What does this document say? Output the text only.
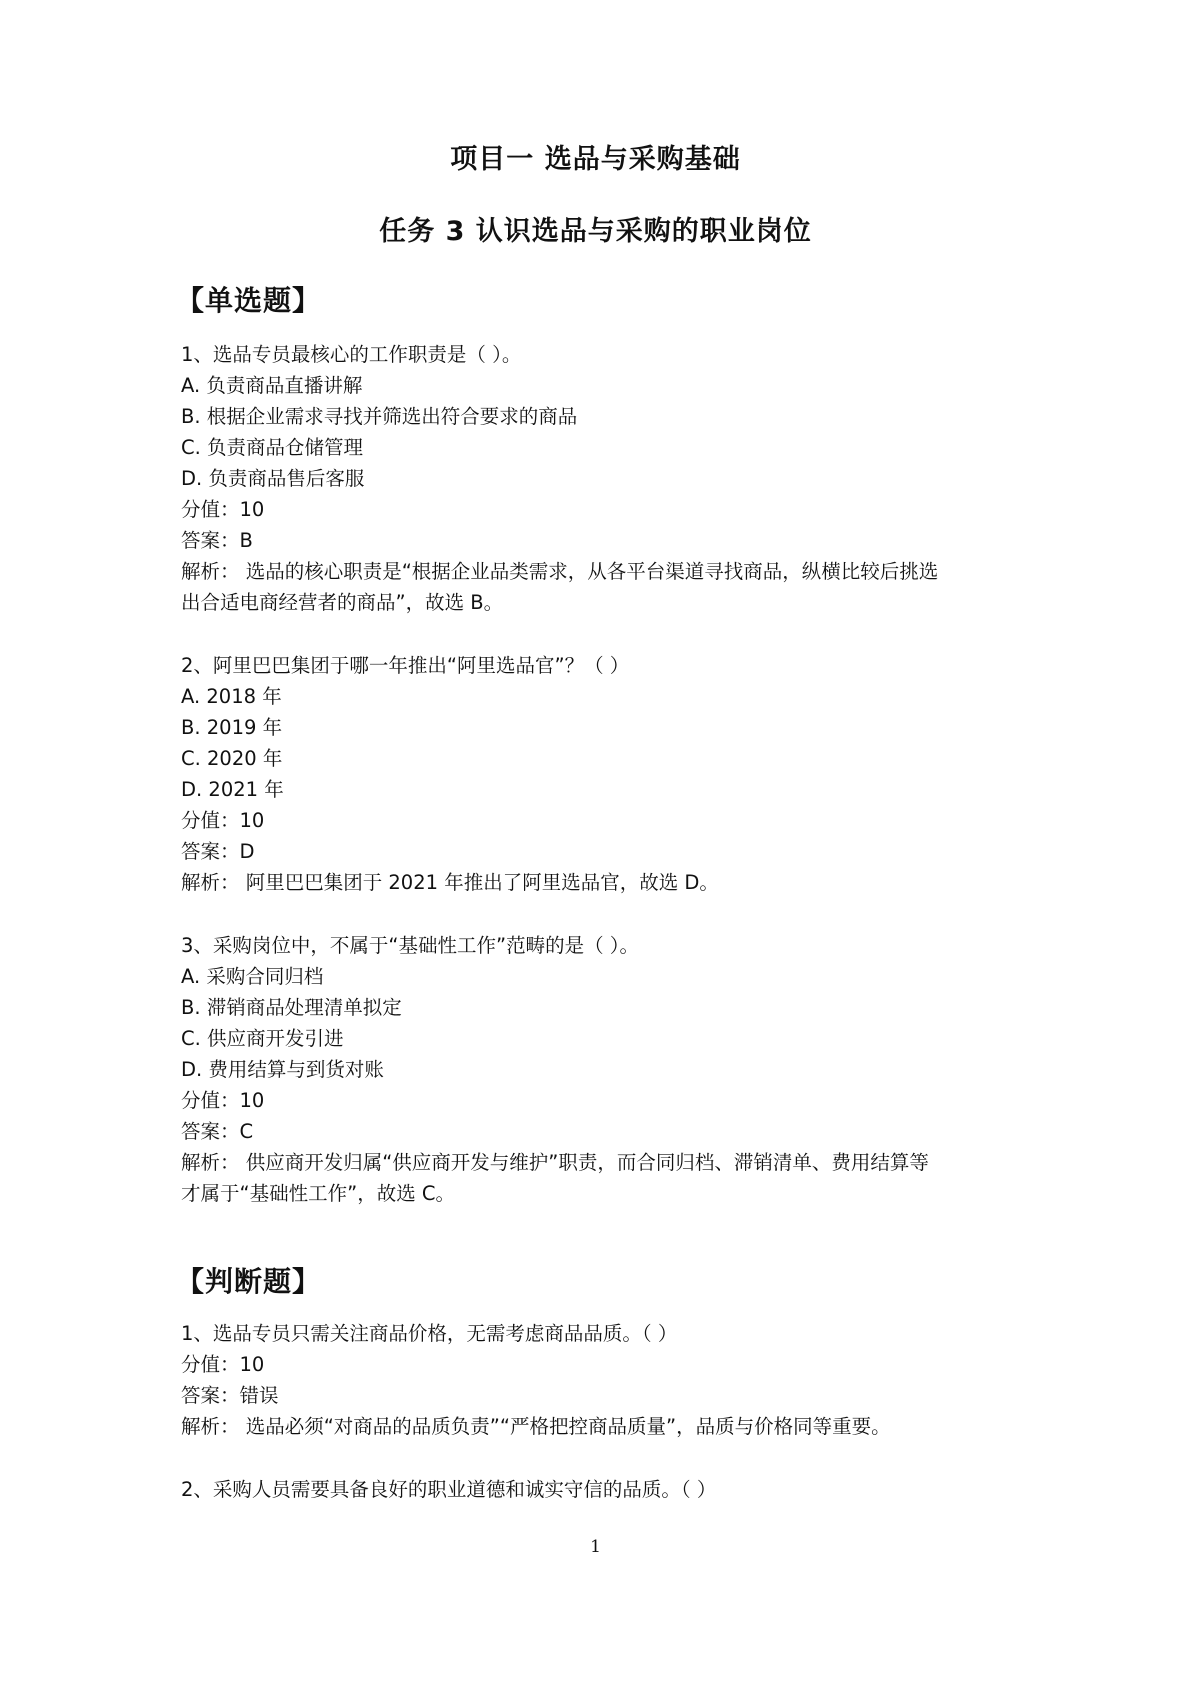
项目一 选品与采购基础
任务 3 认识选品与采购的职业岗位
【单选题】
1、选品专员最核心的工作职责是（ ）。
A. 负责商品直播讲解
B. 根据企业需求寻找并筛选出符合要求的商品
C. 负责商品仓储管理
D. 负责商品售后客服
分值：10
答案：B
解析： 选品的核心职责是“根据企业品类需求，从各平台渠道寻找商品，纵横比较后挑选
出合适电商经营者的商品”，故选 B。
2、阿里巴巴集团于哪一年推出“阿里选品官”？（ ）
A. 2018 年
B. 2019 年
C. 2020 年
D. 2021 年
分值：10
答案：D
解析： 阿里巴巴集团于 2021 年推出了阿里选品官，故选 D。
3、采购岗位中，不属于“基础性工作”范畴的是（ ）。
A. 采购合同归档
B. 滞销商品处理清单拟定
C. 供应商开发引进
D. 费用结算与到货对账
分值：10
答案：C
解析： 供应商开发归属“供应商开发与维护”职责，而合同归档、滞销清单、费用结算等
才属于“基础性工作”，故选 C。
【判断题】
1、选品专员只需关注商品价格，无需考虑商品品质。（ ）
分值：10
答案：错误
解析： 选品必须“对商品的品质负责”“严格把控商品质量”，品质与价格同等重要。
2、采购人员需要具备良好的职业道德和诚实守信的品质。（ ）
1
